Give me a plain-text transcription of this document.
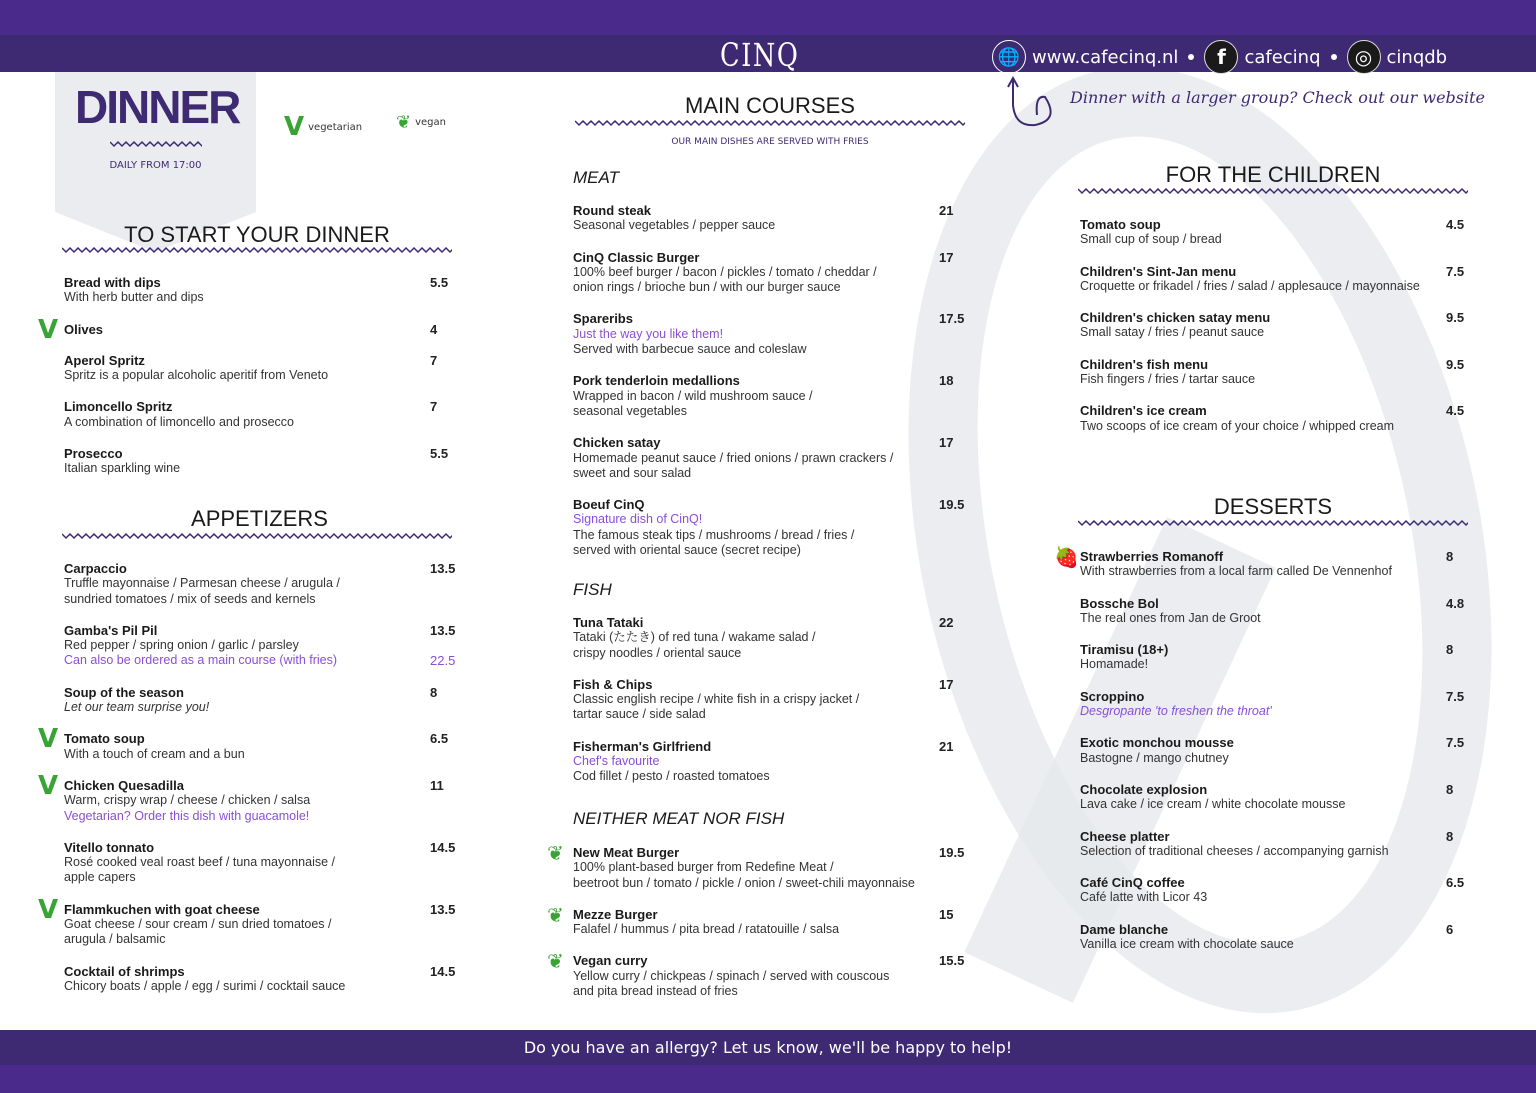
CINQ	🌐 www.cafecinq.nl	f	cafecinq	◎ cinqdb
Dinner with a larger group? Check out our website
DINNER
DAILY FROM 17:00
V vegetarian ❦ vegan
TO START YOUR DINNER
Bread with dips	5.5
With herb butter and dips
V Olives	4
Aperol Spritz	7
Spritz is a popular alcoholic aperitif from Veneto
Limoncello Spritz	7
A combination of limoncello and prosecco
Prosecco	5.5
Italian sparkling wine
APPETIZERS
Carpaccio	13.5
Truffle mayonnaise / Parmesan cheese / arugula /
sundried tomatoes / mix of seeds and kernels
Gamba's Pil Pil	13.5
Red pepper / spring onion / garlic / parsley
Can also be ordered as a main course (with fries)	22.5
Soup of the season	8
Let our team surprise you!
V Tomato soup	6.5
With a touch of cream and a bun
V Chicken Quesadilla	11
Warm, crispy wrap / cheese / chicken / salsa
Vegetarian? Order this dish with guacamole!
Vitello tonnato	14.5
Rosé cooked veal roast beef / tuna mayonnaise /
apple capers
V Flammkuchen with goat cheese	13.5
Goat cheese / sour cream / sun dried tomatoes /
arugula / balsamic
Cocktail of shrimps	14.5
Chicory boats / apple / egg / surimi / cocktail sauce
MAIN COURSES
OUR MAIN DISHES ARE SERVED WITH FRIES
MEAT
Round steak	21
Seasonal vegetables / pepper sauce
CinQ Classic Burger	17
100% beef burger / bacon / pickles / tomato / cheddar /
onion rings / brioche bun / with our burger sauce
Spareribs	17.5
Just the way you like them!
Served with barbecue sauce and coleslaw
Pork tenderloin medallions	18
Wrapped in bacon / wild mushroom sauce /
seasonal vegetables
Chicken satay	17
Homemade peanut sauce / fried onions / prawn crackers /
sweet and sour salad
Boeuf CinQ	19.5
Signature dish of CinQ!
The famous steak tips / mushrooms / bread / fries /
served with oriental sauce (secret recipe)
FISH
Tuna Tataki	22
Tataki (たたき) of red tuna / wakame salad /
crispy noodles / oriental sauce
Fish & Chips	17
Classic english recipe / white fish in a crispy jacket /
tartar sauce / side salad
Fisherman's Girlfriend	21
Chef's favourite
Cod fillet / pesto / roasted tomatoes
NEITHER MEAT NOR FISH
❦ New Meat Burger	19.5
100% plant-based burger from Redefine Meat /
beetroot bun / tomato / pickle / onion / sweet-chili mayonnaise
❦ Mezze Burger	15
Falafel / hummus / pita bread / ratatouille / salsa
❦ Vegan curry	15.5
Yellow curry / chickpeas / spinach / served with couscous
and pita bread instead of fries
FOR THE CHILDREN
Tomato soup	4.5
Small cup of soup / bread
Children's Sint-Jan menu	7.5
Croquette or frikadel / fries / salad / applesauce / mayonnaise
Children's chicken satay menu	9.5
Small satay / fries / peanut sauce
Children's fish menu	9.5
Fish fingers / fries / tartar sauce
Children's ice cream	4.5
Two scoops of ice cream of your choice / whipped cream
DESSERTS
🍓 Strawberries Romanoff	8
With strawberries from a local farm called De Vennenhof
Bossche Bol	4.8
The real ones from Jan de Groot
Tiramisu (18+)	8
Homamade!
Scroppino	7.5
Desgropante 'to freshen the throat'
Exotic monchou mousse	7.5
Bastogne / mango chutney
Chocolate explosion	8
Lava cake / ice cream / white chocolate mousse
Cheese platter	8
Selection of traditional cheeses / accompanying garnish
Café CinQ coffee	6.5
Café latte with Licor 43
Dame blanche	6
Vanilla ice cream with chocolate sauce
Do you have an allergy? Let us know, we'll be happy to help!
